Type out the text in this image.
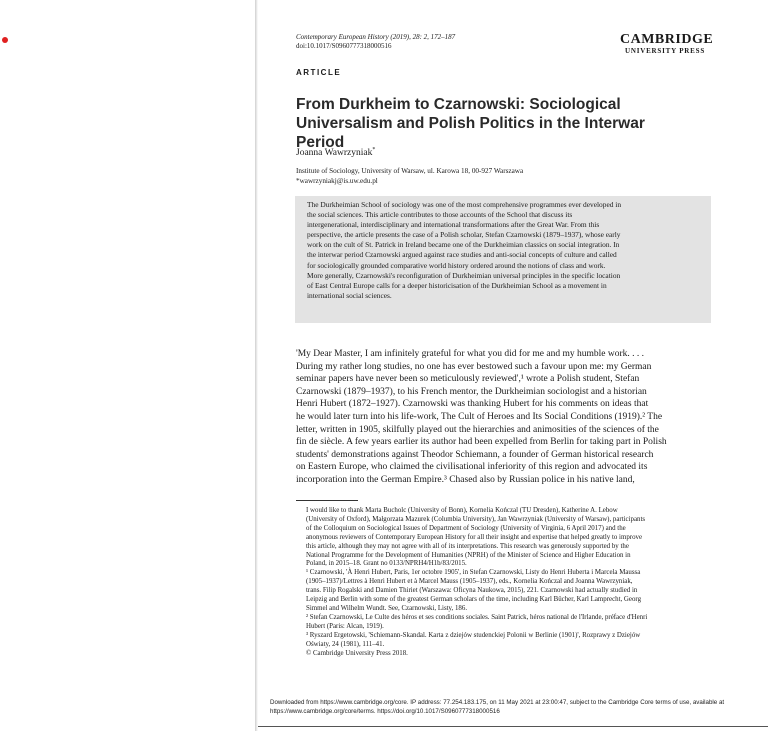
Contemporary European History (2019), 28: 2, 172–187
doi:10.1017/S0960777318000516	CAMBRIDGE
UNIVERSITY PRESS
ARTICLE
From Durkheim to Czarnowski: Sociological
Universalism and Polish Politics in the Interwar Period
Joanna Wawrzyniak*
Institute of Sociology, University of Warsaw, ul. Karowa 18, 00-927 Warszawa
*wawrzyniakj@is.uw.edu.pl
The Durkheimian School of sociology was one of the most comprehensive programmes ever developed in
the social sciences. This article contributes to those accounts of the School that discuss its
intergenerational, interdisciplinary and international transformations after the Great War. From this
perspective, the article presents the case of a Polish scholar, Stefan Czarnowski (1879–1937), whose early
work on the cult of St. Patrick in Ireland became one of the Durkheimian classics on social integration. In
the interwar period Czarnowski argued against race studies and anti-social concepts of culture and called
for sociologically grounded comparative world history ordered around the notions of class and work.
More generally, Czarnowski's reconfiguration of Durkheimian universal principles in the specific location
of East Central Europe calls for a deeper historicisation of the Durkheimian School as a movement in
international social sciences.
'My Dear Master, I am infinitely grateful for what you did for me and my humble work. . . .
During my rather long studies, no one has ever bestowed such a favour upon me: my German
seminar papers have never been so meticulously reviewed',¹ wrote a Polish student, Stefan
Czarnowski (1879–1937), to his French mentor, the Durkheimian sociologist and a historian
Henri Hubert (1872–1927). Czarnowski was thanking Hubert for his comments on ideas that
he would later turn into his life-work, The Cult of Heroes and Its Social Conditions (1919).² The
letter, written in 1905, skilfully played out the hierarchies and animosities of the sciences of the
fin de siècle. A few years earlier its author had been expelled from Berlin for taking part in Polish
students' demonstrations against Theodor Schiemann, a founder of German historical research
on Eastern Europe, who claimed the civilisational inferiority of this region and advocated its
incorporation into the German Empire.³ Chased also by Russian police in his native land,
I would like to thank Marta Bucholc (University of Bonn), Kornelia Kończal (TU Dresden), Katherine A. Lebow
(University of Oxford), Małgorzata Mazurek (Columbia University), Jan Wawrzyniak (University of Warsaw), participants
of the Colloquium on Sociological Issues of Department of Sociology (University of Virginia, 6 April 2017) and the
anonymous reviewers of Contemporary European History for all their insight and expertise that helped greatly to improve
this article, although they may not agree with all of its interpretations. This research was generously supported by the
National Programme for the Development of Humanities (NPRH) of the Minister of Science and Higher Education in
Poland, in 2015–18. Grant no 0133/NPRH4/H1b/83/2015.
¹ Czarnowski, 'À Henri Hubert, Paris, 1er octobre 1905', in Stefan Czarnowski, Listy do Henri Huberta i Marcela Maussa
(1905–1937)/Lettres à Henri Hubert et à Marcel Mauss (1905–1937), eds., Kornelia Kończal and Joanna Wawrzyniak,
trans. Filip Rogalski and Damien Thiriet (Warszawa: Oficyna Naukowa, 2015), 221. Czarnowski had actually studied in
Leipzig and Berlin with some of the greatest German scholars of the time, including Karl Bücher, Karl Lamprecht, Georg
Simmel and Wilhelm Wundt. See, Czarnowski, Listy, 186.
² Stefan Czarnowski, Le Culte des héros et ses conditions sociales. Saint Patrick, héros national de l'Irlande, préface d'Henri
Hubert (Paris: Alcan, 1919).
³ Ryszard Ergetowski, 'Schiemann-Skandal. Karta z dziejów studenckiej Polonii w Berlinie (1901)', Rozprawy z Dziejów
Oświaty, 24 (1981), 111–41.
© Cambridge University Press 2018.
Downloaded from https://www.cambridge.org/core. IP address: 77.254.183.175, on 11 May 2021 at 23:00:47, subject to the Cambridge Core terms of use, available at
https://www.cambridge.org/core/terms. https://doi.org/10.1017/S0960777318000516
